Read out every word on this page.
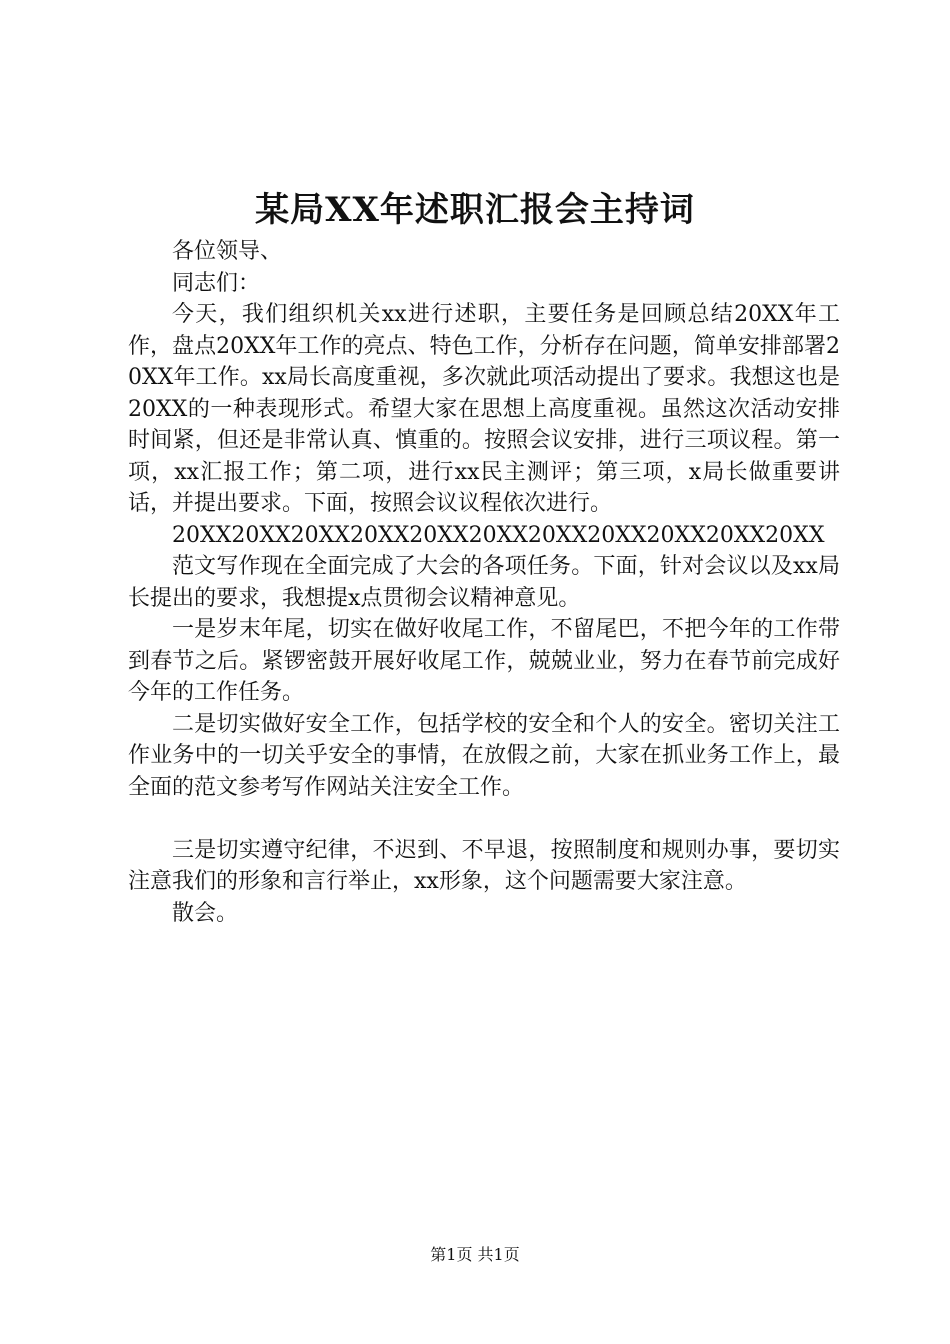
某局XX年述职汇报会主持词

各位领导、

同志们：

今天，我们组织机关xx进行述职，主要任务是回顾总结20XX年工作，盘点20XX年工作的亮点、特色工作，分析存在问题，简单安排部署20XX年工作。xx局长高度重视，多次就此项活动提出了要求。我想这也是20XX的一种表现形式。希望大家在思想上高度重视。虽然这次活动安排时间紧，但还是非常认真、慎重的。按照会议安排，进行三项议程。第一项，xx汇报工作；第二项，进行xx民主测评；第三项，x局长做重要讲话，并提出要求。下面，按照会议议程依次进行。

20XX20XX20XX20XX20XX20XX20XX20XX20XX20XX20XX

范文写作现在全面完成了大会的各项任务。下面，针对会议以及xx局长提出的要求，我想提x点贯彻会议精神意见。

一是岁末年尾，切实在做好收尾工作，不留尾巴，不把今年的工作带到春节之后。紧锣密鼓开展好收尾工作，兢兢业业，努力在春节前完成好今年的工作任务。

二是切实做好安全工作，包括学校的安全和个人的安全。密切关注工作业务中的一切关乎安全的事情，在放假之前，大家在抓业务工作上，最全面的范文参考写作网站关注安全工作。

三是切实遵守纪律，不迟到、不早退，按照制度和规则办事，要切实注意我们的形象和言行举止，xx形象，这个问题需要大家注意。

散会。

第1页 共1页
